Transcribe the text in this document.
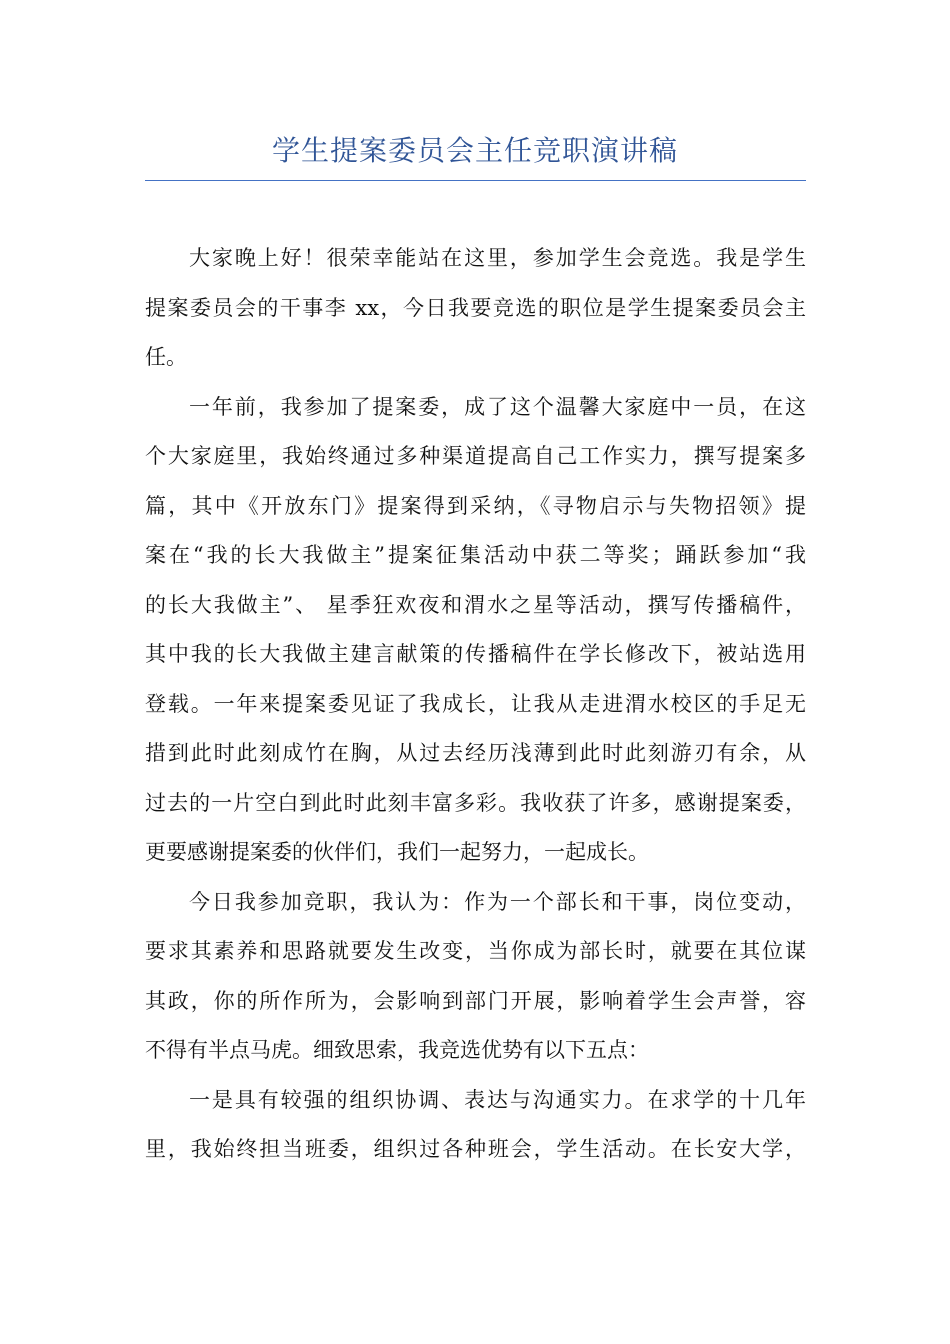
学生提案委员会主任竞职演讲稿
大家晚上好！很荣幸能站在这里，参加学生会竞选。我是学生
提案委员会的干事李 xx，今日我要竞选的职位是学生提案委员会主
任。
一年前，我参加了提案委，成了这个温馨大家庭中一员，在这
个大家庭里，我始终通过多种渠道提高自己工作实力，撰写提案多
篇，其中《开放东门》提案得到采纳，《寻物启示与失物招领》提
案在“我的长大我做主”提案征集活动中获二等奖；踊跃参加“我
的长大我做主”、 星季狂欢夜和渭水之星等活动，撰写传播稿件，
其中我的长大我做主建言献策的传播稿件在学长修改下，被站选用
登载。一年来提案委见证了我成长，让我从走进渭水校区的手足无
措到此时此刻成竹在胸，从过去经历浅薄到此时此刻游刃有余，从
过去的一片空白到此时此刻丰富多彩。我收获了许多，感谢提案委，
更要感谢提案委的伙伴们，我们一起努力，一起成长。
今日我参加竞职，我认为：作为一个部长和干事，岗位变动，
要求其素养和思路就要发生改变，当你成为部长时，就要在其位谋
其政，你的所作所为，会影响到部门开展，影响着学生会声誉，容
不得有半点马虎。细致思索，我竞选优势有以下五点：
一是具有较强的组织协调、表达与沟通实力。在求学的十几年
里，我始终担当班委，组织过各种班会，学生活动。在长安大学，
